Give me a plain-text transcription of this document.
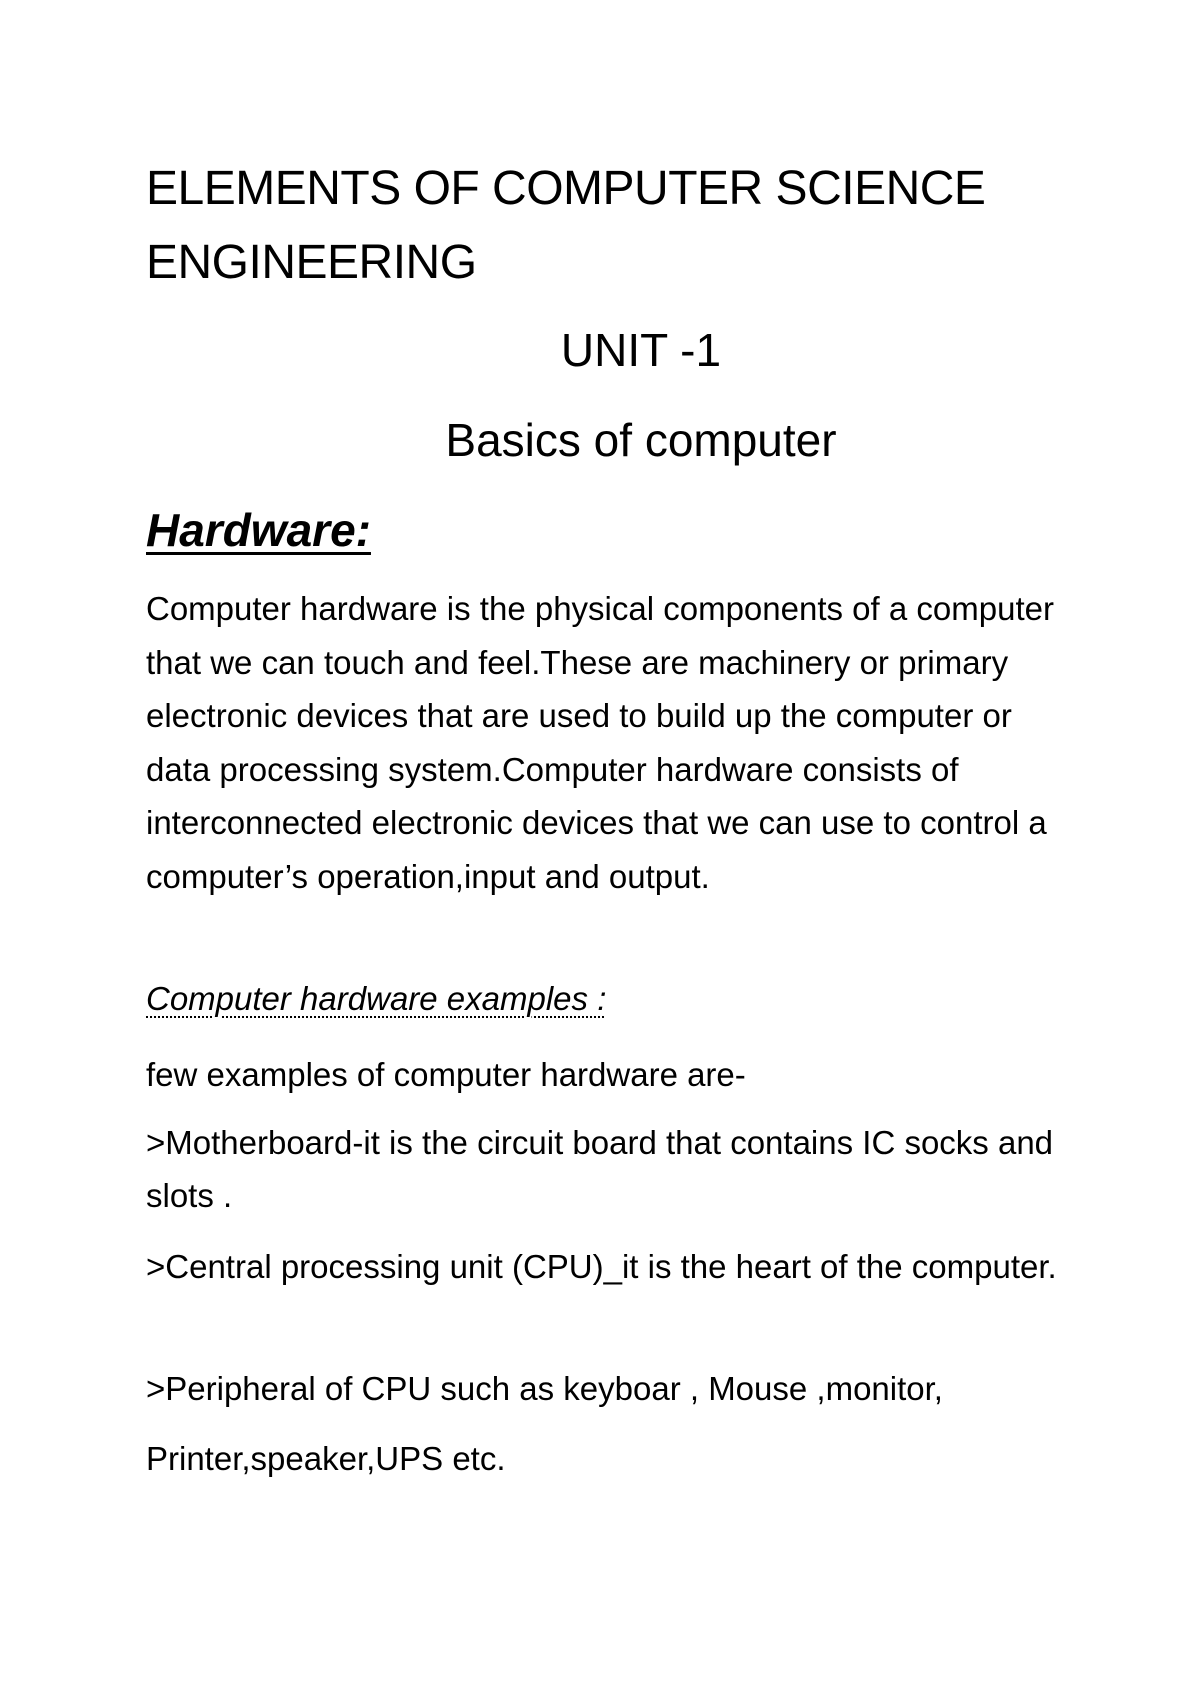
ELEMENTS OF COMPUTER SCIENCE ENGINEERING
UNIT -1
Basics of computer
Hardware:

Computer hardware is the physical components of a computer that we can touch and feel.These are machinery or primary electronic devices that are used to build up the computer or data processing system.Computer hardware consists of interconnected electronic devices that we can use to control a computer’s operation,input and output.

Computer hardware examples :

few examples of computer hardware are-

>Motherboard-it is the circuit board that contains IC socks and slots .

>Central processing unit (CPU)_it is the heart of the computer.

>Peripheral of CPU such as keyboar , Mouse ,monitor,

Printer,speaker,UPS etc.
